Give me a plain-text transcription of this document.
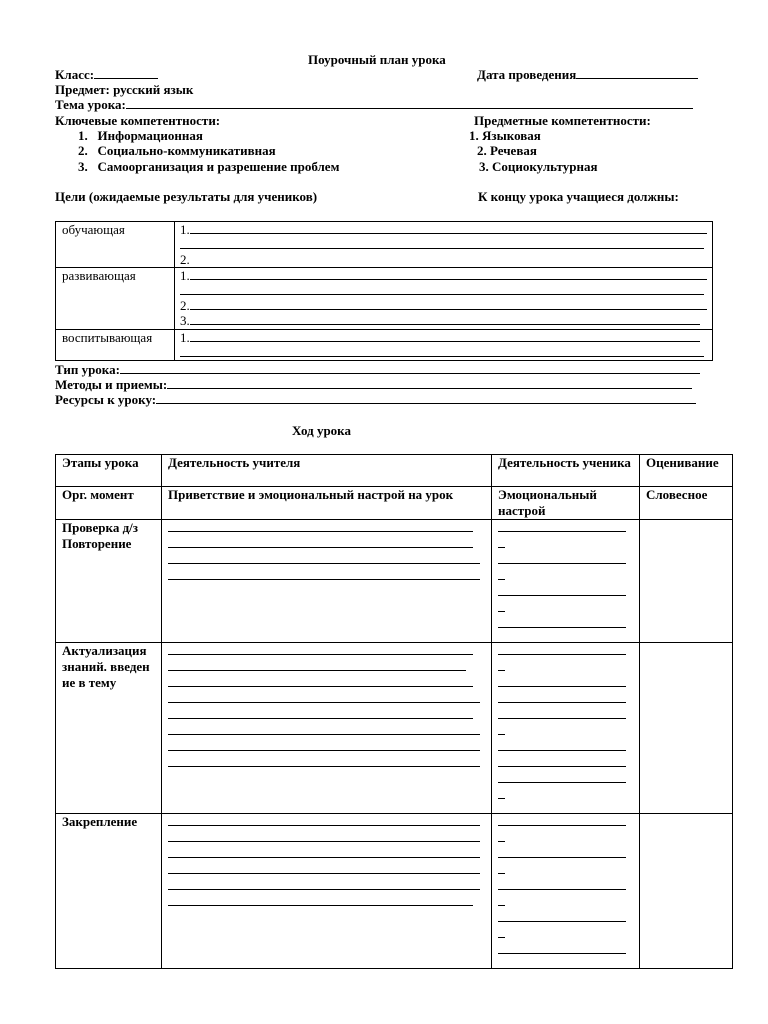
Поурочный план урока
Класс:	Дата проведения
Предмет: русский язык
Тема урока:
Ключевые компетентности:	Предметные компетентности:
1.   Информационная
2.   Социально-коммуникативная
3.   Самоорганизация и разрешение проблем
1. Языковая
2. Речевая
3. Социокультурная
Цели (ожидаемые результаты для учеников)	К концу урока учащиеся должны:
обучающая	1.
2.

развивающая	1.
2.
3.

воспитывающая	1.
Тип урока:
Методы и приемы:
Ресурсы к уроку:
Ход урока
Этапы урока	Деятельность учителя	Деятельность ученика	Оценивание
Орг. момент	Приветствие и эмоциональный настрой на урок	Эмоциональный настрой	Словесное
Проверка д/з Повторение	

Актуализация знаний. введение в тему	

Закрепление	
